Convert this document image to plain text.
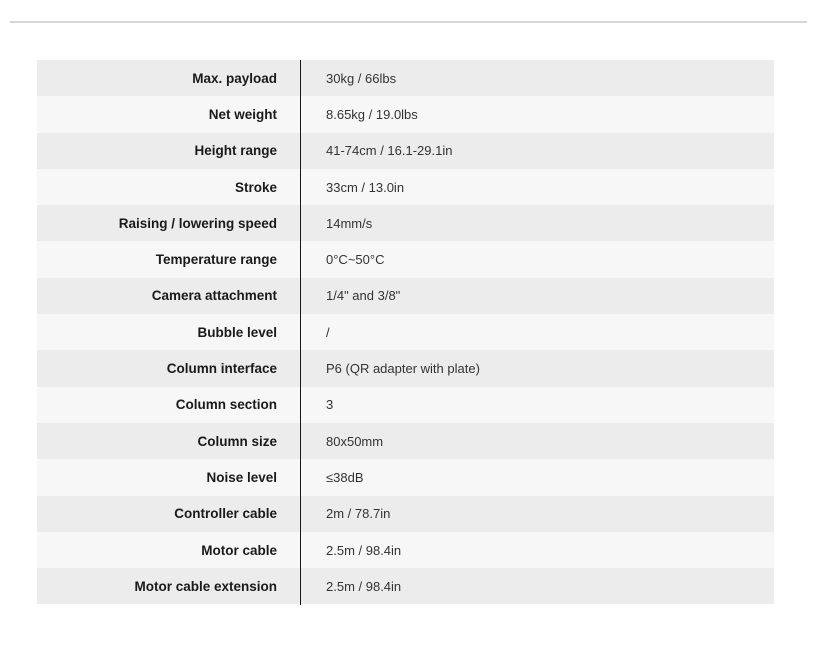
Max. payload	30kg / 66lbs
Net weight	8.65kg / 19.0lbs
Height range	41-74cm / 16.1-29.1in
Stroke	33cm / 13.0in
Raising / lowering speed	14mm/s
Temperature range	0°C~50°C
Camera attachment	1/4" and 3/8"
Bubble level	/
Column interface	P6 (QR adapter with plate)
Column section	3
Column size	80x50mm
Noise level	≤38dB
Controller cable	2m / 78.7in
Motor cable	2.5m / 98.4in
Motor cable extension	2.5m / 98.4in
